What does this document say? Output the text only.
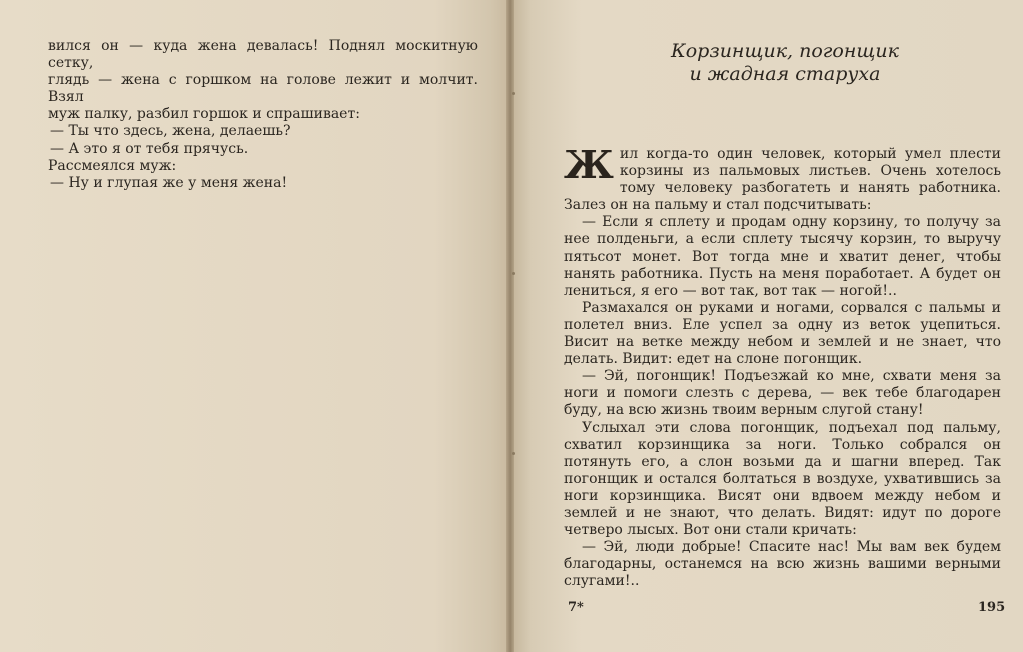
вился он — куда жена девалась! Поднял москитную сетку,

глядь — жена с горшком на голове лежит и молчит. Взял

муж палку, разбил горшок и спрашивает:

— Ты что здесь, жена, делаешь?

— А это я от тебя прячусь.

Рассмеялся муж:

— Ну и глупая же у меня жена!

Корзинщик, погонщик
и жадная старуха

Жил когда-то один человек, который умел плести корзины из пальмовых листьев. Очень хотелось тому человеку разбогатеть и нанять работника. Залез он на пальму и стал подсчитывать:

— Если я сплету и продам одну корзину, то получу за нее полденьги, а если сплету тысячу корзин, то выручу пятьсот монет. Вот тогда мне и хватит денег, чтобы нанять работника. Пусть на меня поработает. А будет он лениться, я его — вот так, вот так — ногой!..

Размахался он руками и ногами, сорвался с пальмы и полетел вниз. Еле успел за одну из веток уцепиться. Висит на ветке между небом и землей и не знает, что делать. Видит: едет на слоне погонщик.

— Эй, погонщик! Подъезжай ко мне, схвати меня за ноги и помоги слезть с дерева, — век тебе благодарен буду, на всю жизнь твоим верным слугой стану!

Услыхал эти слова погонщик, подъехал под пальму, схватил корзинщика за ноги. Только собрался он потянуть его, а слон возьми да и шагни вперед. Так погонщик и остался болтаться в воздухе, ухватившись за ноги корзинщика. Висят они вдвоем между небом и землей и не знают, что делать. Видят: идут по дороге четверо лысых. Вот они стали кричать:

— Эй, люди добрые! Спасите нас! Мы вам век будем благодарны, останемся на всю жизнь вашими верными слугами!..

7*	195
